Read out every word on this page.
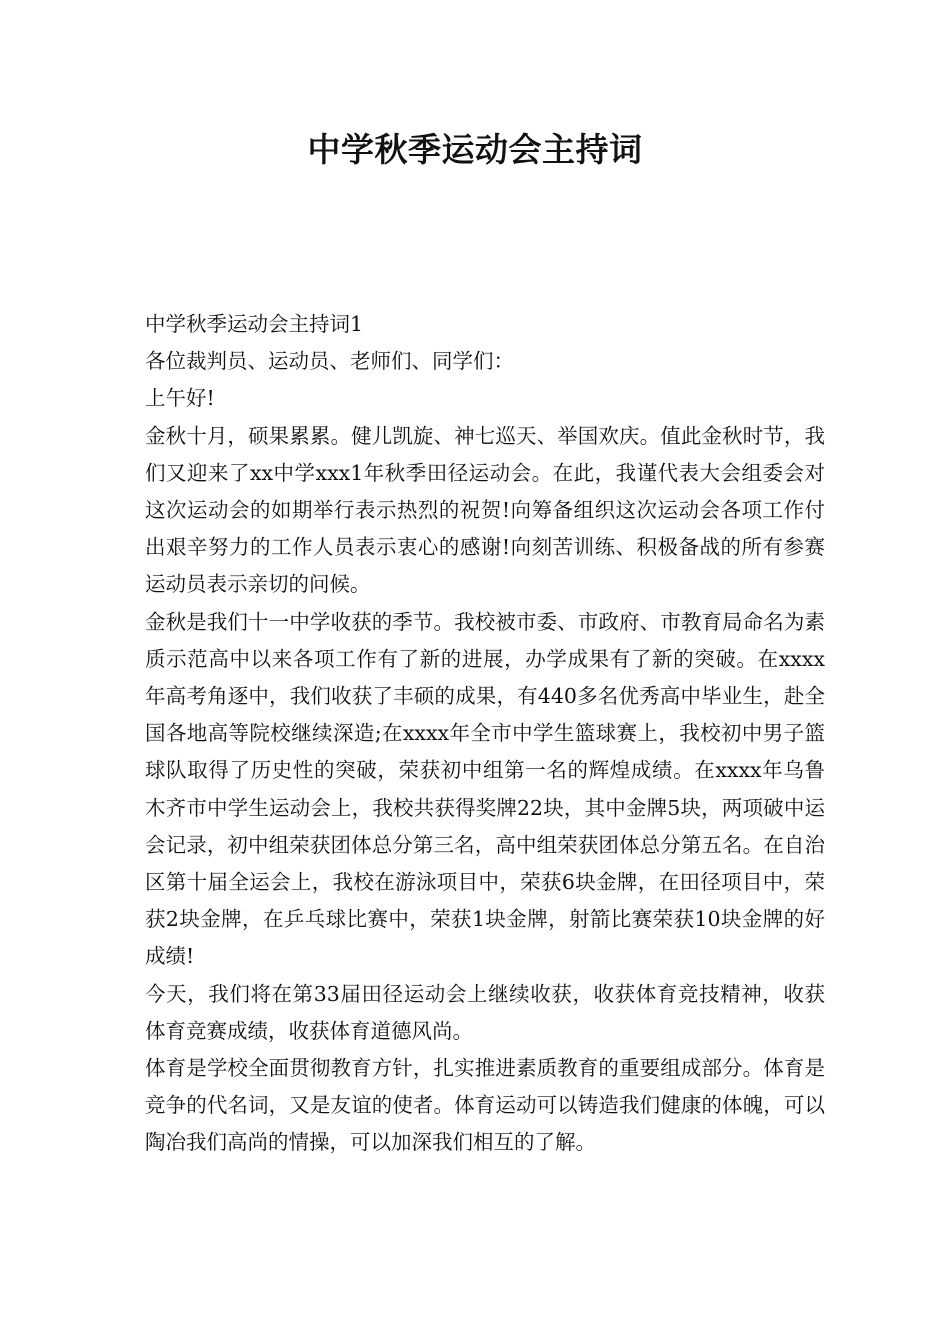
中学秋季运动会主持词

中学秋季运动会主持词1

各位裁判员、运动员、老师们、同学们：

上午好!

金秋十月，硕果累累。健儿凯旋、神七巡天、举国欢庆。值此金秋时节，我们又迎来了xx中学xxx1年秋季田径运动会。在此，我谨代表大会组委会对这次运动会的如期举行表示热烈的祝贺!向筹备组织这次运动会各项工作付出艰辛努力的工作人员表示衷心的感谢!向刻苦训练、积极备战的所有参赛运动员表示亲切的问候。

金秋是我们十一中学收获的季节。我校被市委、市政府、市教育局命名为素质示范高中以来各项工作有了新的进展，办学成果有了新的突破。在xxxx年高考角逐中，我们收获了丰硕的成果，有440多名优秀高中毕业生，赴全国各地高等院校继续深造;在xxxx年全市中学生篮球赛上，我校初中男子篮球队取得了历史性的突破，荣获初中组第一名的辉煌成绩。在xxxx年乌鲁木齐市中学生运动会上，我校共获得奖牌22块，其中金牌5块，两项破中运会记录，初中组荣获团体总分第三名，高中组荣获团体总分第五名。在自治区第十届全运会上，我校在游泳项目中，荣获6块金牌，在田径项目中，荣获2块金牌，在乒乓球比赛中，荣获1块金牌，射箭比赛荣获10块金牌的好成绩!

今天，我们将在第33届田径运动会上继续收获，收获体育竞技精神，收获体育竞赛成绩，收获体育道德风尚。

体育是学校全面贯彻教育方针，扎实推进素质教育的重要组成部分。体育是竞争的代名词，又是友谊的使者。体育运动可以铸造我们健康的体魄，可以陶冶我们高尚的情操，可以加深我们相互的了解。
